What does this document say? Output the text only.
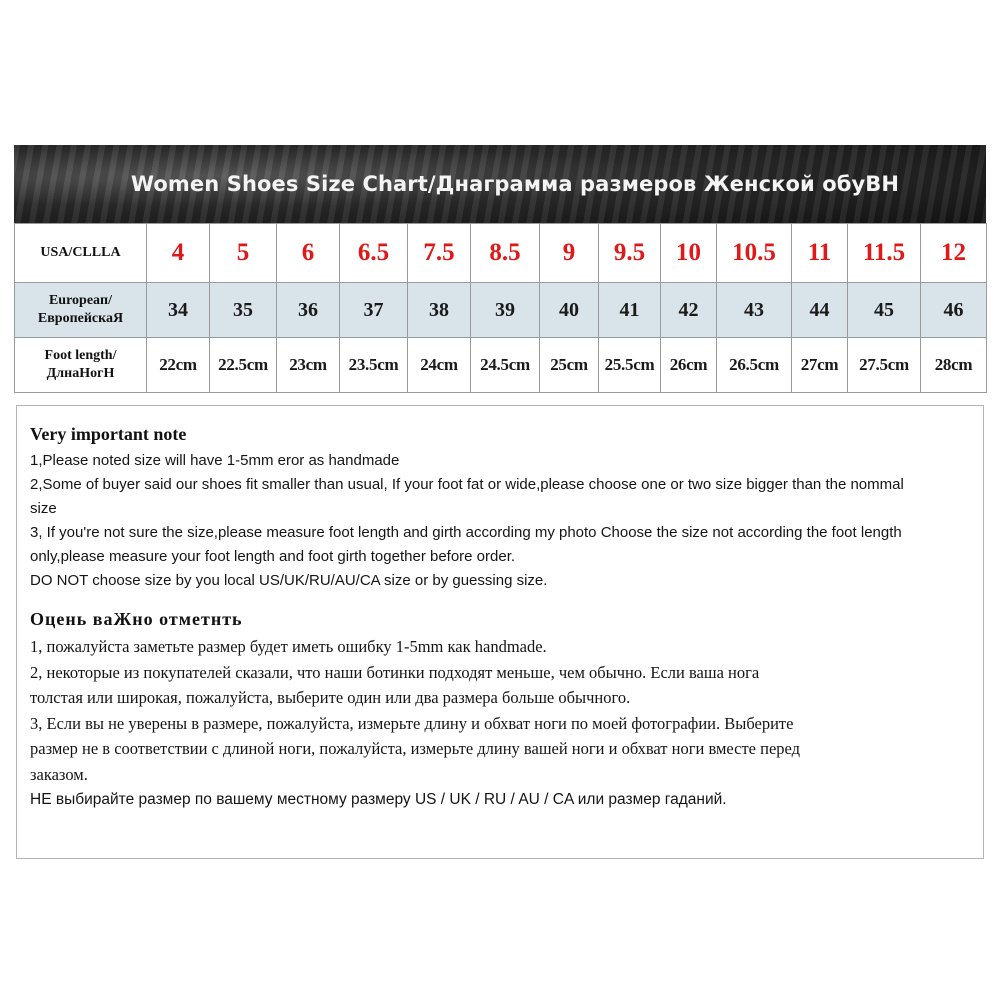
Women Shoes Size Chart/Днаграмма размеров Женской обуВН
USA/CLLLA	4	5	6	6.5	7.5	8.5	9	9.5	10	10.5	11	11.5	12

Europeaп/
ЕвропейскаЯ	34	35	36	37	38	39	40	41	42	43	44	45	46

Foot length/
ДлнаНогН	22cm	22.5cm	23cm	23.5cm	24cm	24.5cm	25cm	25.5cm	26cm	26.5cm	27cm	27.5cm	28cm
Very important note
1,Please noted size will have 1-5mm eror as handmade
2,Some of buyer said our shoes fit smaller than usual, If your foot fat or wide,please choose one or two size bigger than the nommal
size
3, If you're not sure the size,please measure foot length and girth according my photo Choose the size not according the foot length
only,please measure your foot length and foot girth together before order.
DO NOT choose size by you local US/UK/RU/AU/CA size or by guessing size.
Оцень ваЖно отметнть
1, пожалуйста заметьте размер будет иметь ошибку 1-5mm как handmade.
2, некоторые из покупателей сказали, что наши ботинки подходят меньше, чем обычно. Если ваша нога
толстая или широкая, пожалуйста, выберите один или два размера больше обычного.
3, Если вы не уверены в размере, пожалуйста, измерьте длину и обхват ноги по моей фотографии. Выберите
размер не в соответствии с длиной ноги, пожалуйста, измерьте длину вашей ноги и обхват ноги вместе перед
заказом.
НЕ выбирайте размер по вашему местному размеру US / UK / RU / AU / CA или размер гаданий.
